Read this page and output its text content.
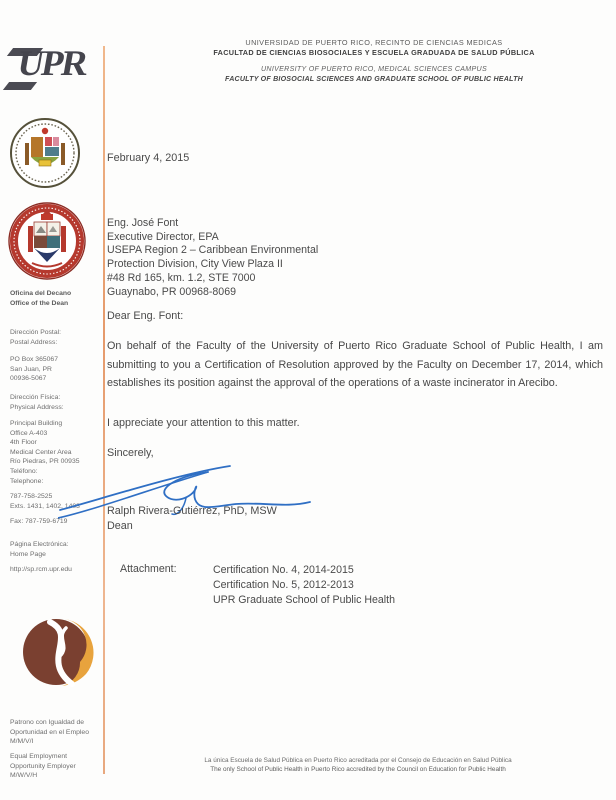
UNIVERSIDAD DE PUERTO RICO, RECINTO DE CIENCIAS MEDICAS
FACULTAD DE CIENCIAS BIOSOCIALES Y ESCUELA GRADUADA DE SALUD PÚBLICA
UNIVERSITY OF PUERTO RICO, MEDICAL SCIENCES CAMPUS
FACULTY OF BIOSOCIAL SCIENCES AND GRADUATE SCHOOL OF PUBLIC HEALTH
UPR
Oficina del Decano
Office of the Dean
Dirección Postal:
Postal Address:
PO Box 365067
San Juan, PR
00936-5067
Dirección Física:
Physical Address:
Principal Building
Office A-403
4th Floor
Medical Center Area
Río Piedras, PR 00935
Teléfono:
Telephone:
787-758-2525
Exts. 1431, 1402, 1403
Fax: 787-759-6719
Página Electrónica:
Home Page
http://sp.rcm.upr.edu
Patrono con Igualdad de Oportunidad en el Empleo M/M/V/I
Equal Employment Opportunity Employer M/W/V/H
February 4, 2015
Eng. José Font
Executive Director, EPA
USEPA Region 2 – Caribbean Environmental
Protection Division, City View Plaza II
#48 Rd 165, km. 1.2, STE 7000
Guaynabo, PR 00968-8069
Dear Eng. Font:
On behalf of the Faculty of the University of Puerto Rico Graduate School of Public Health, I am submitting to you a Certification of Resolution approved by the Faculty on December 17, 2014, which establishes its position against the approval of the operations of a waste incinerator in Arecibo.
I appreciate your attention to this matter.
Sincerely,
Ralph Rivera-Gutiérrez, PhD, MSW
Dean
Attachment:	Certification No. 4, 2014-2015
Certification No. 5, 2012-2013
UPR Graduate School of Public Health
La única Escuela de Salud Pública en Puerto Rico acreditada por el Consejo de Educación en Salud Pública
The only School of Public Health in Puerto Rico accredited by the Council on Education for Public Health
